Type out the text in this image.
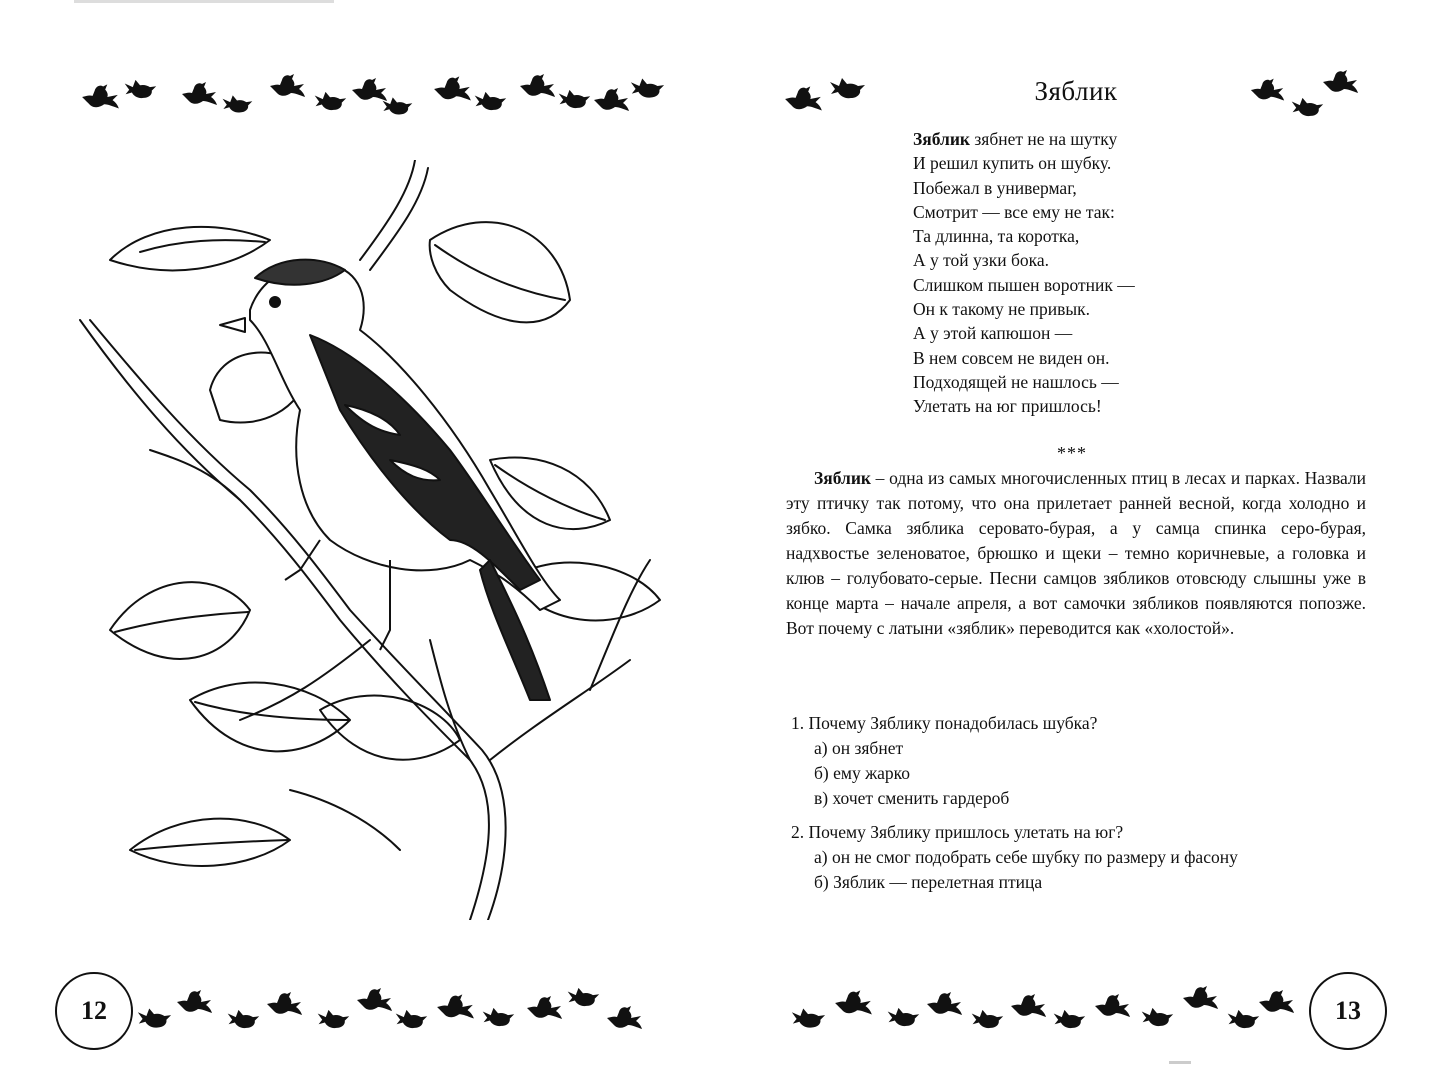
12
Зяблик
Зяблик зябнет не на шутку
И решил купить он шубку.
Побежал в универмаг,
Смотрит — все ему не так:
Та длинна, та коротка,
А у той узки бока.
Слишком пышен воротник —
Он к такому не привык.
А у этой капюшон —
В нем совсем не виден он.
Подходящей не нашлось —
Улетать на юг пришлось!
***

Зяблик – одна из самых многочисленных птиц в лесах и парках. Назвали эту птичку так потому, что она прилетает ранней весной, когда холодно и зябко. Самка зяблика серовато-бурая, а у самца спинка серо-бурая, надхвостье зеленоватое, брюшко и щеки – темно коричневые, а головка и клюв – голубовато-серые. Песни самцов зябликов отовсюду слышны уже в конце марта – начале апреля, а вот самочки зябликов появляются попозже. Вот почему с латыни «зяблик» переводится как «холостой».

1. Почему Зяблику понадобилась шубка?
а) он зябнет
б) ему жарко
в) хочет сменить гардероб
2. Почему Зяблику пришлось улетать на юг?
а) он не смог подобрать себе шубку по размеру и фасону
б) Зяблик — перелетная птица
13
